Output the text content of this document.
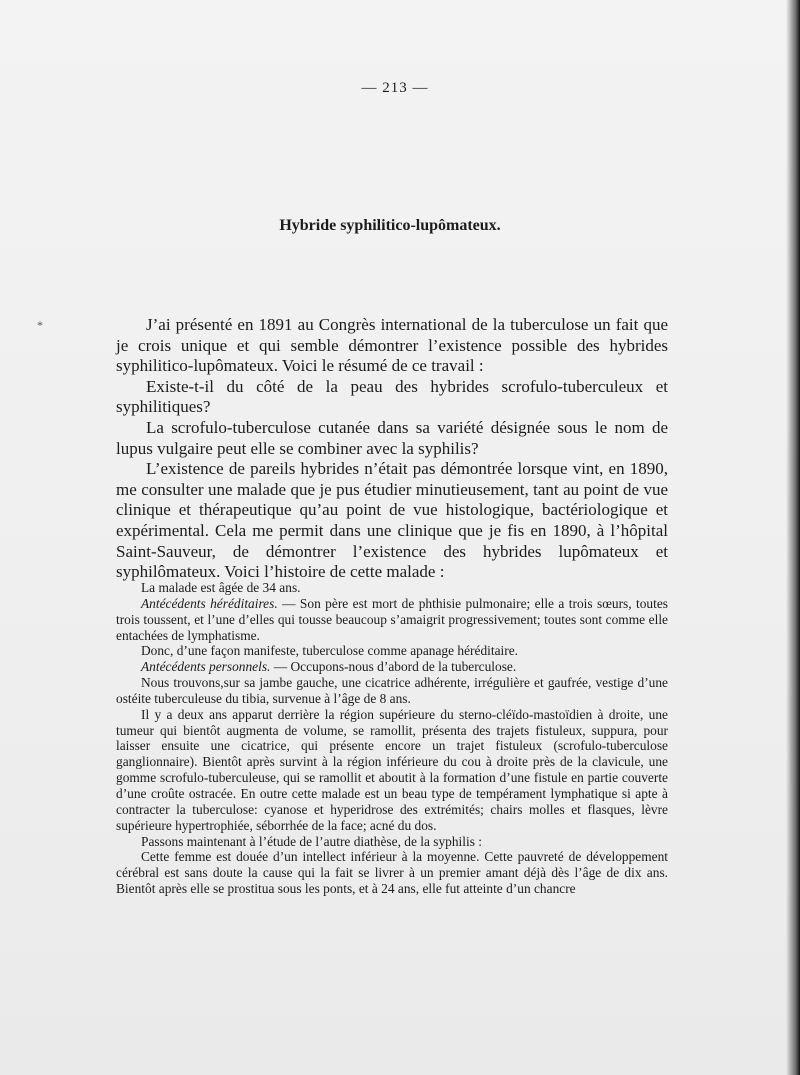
*
— 213 —
Hybride syphilitico-lupômateux.

J’ai présenté en 1891 au Congrès international de la tuberculose un fait que je crois unique et qui semble démontrer l’existence possible des hybrides syphilitico-lupômateux. Voici le résumé de ce travail :

Existe-t-il du côté de la peau des hybrides scrofulo-tuberculeux et syphilitiques?

La scrofulo-tuberculose cutanée dans sa variété désignée sous le nom de lupus vulgaire peut elle se combiner avec la syphilis?

L’existence de pareils hybrides n’était pas démontrée lorsque vint, en 1890, me consulter une malade que je pus étudier minutieusement, tant au point de vue clinique et thérapeutique qu’au point de vue histologique, bactériologique et expérimental. Cela me permit dans une clinique que je fis en 1890, à l’hôpital Saint-Sauveur, de démontrer l’existence des hybrides lupômateux et syphilômateux. Voici l’histoire de cette malade :

La malade est âgée de 34 ans.

Antécédents héréditaires. — Son père est mort de phthisie pulmonaire; elle a trois sœurs, toutes trois toussent, et l’une d’elles qui tousse beaucoup s’amaigrit progressivement; toutes sont comme elle entachées de lymphatisme.

Donc, d’une façon manifeste, tuberculose comme apanage héréditaire.

Antécédents personnels. — Occupons-nous d’abord de la tuberculose.

Nous trouvons,sur sa jambe gauche, une cicatrice adhérente, irrégulière et gaufrée, vestige d’une ostéite tuberculeuse du tibia, survenue à l’âge de 8 ans.

Il y a deux ans apparut derrière la région supérieure du sterno-cléïdo-mastoïdien à droite, une tumeur qui bientôt augmenta de volume, se ramollit, présenta des trajets fistuleux, suppura, pour laisser ensuite une cicatrice, qui présente encore un trajet fistuleux (scrofulo-tuberculose ganglionnaire). Bientôt après survint à la région inférieure du cou à droite près de la clavicule, une gomme scrofulo-tuberculeuse, qui se ramollit et aboutit à la formation d’une fistule en partie couverte d’une croûte ostracée. En outre cette malade est un beau type de tempérament lymphatique si apte à contracter la tuberculose: cyanose et hyperidrose des extrémités; chairs molles et flasques, lèvre supérieure hypertrophiée, séborrhée de la face; acné du dos.

Passons maintenant à l’étude de l’autre diathèse, de la syphilis :

Cette femme est douée d’un intellect inférieur à la moyenne. Cette pauvreté de développement cérébral est sans doute la cause qui la fait se livrer à un premier amant déjà dès l’âge de dix ans. Bientôt après elle se prostitua sous les ponts, et à 24 ans, elle fut atteinte d’un chancre
